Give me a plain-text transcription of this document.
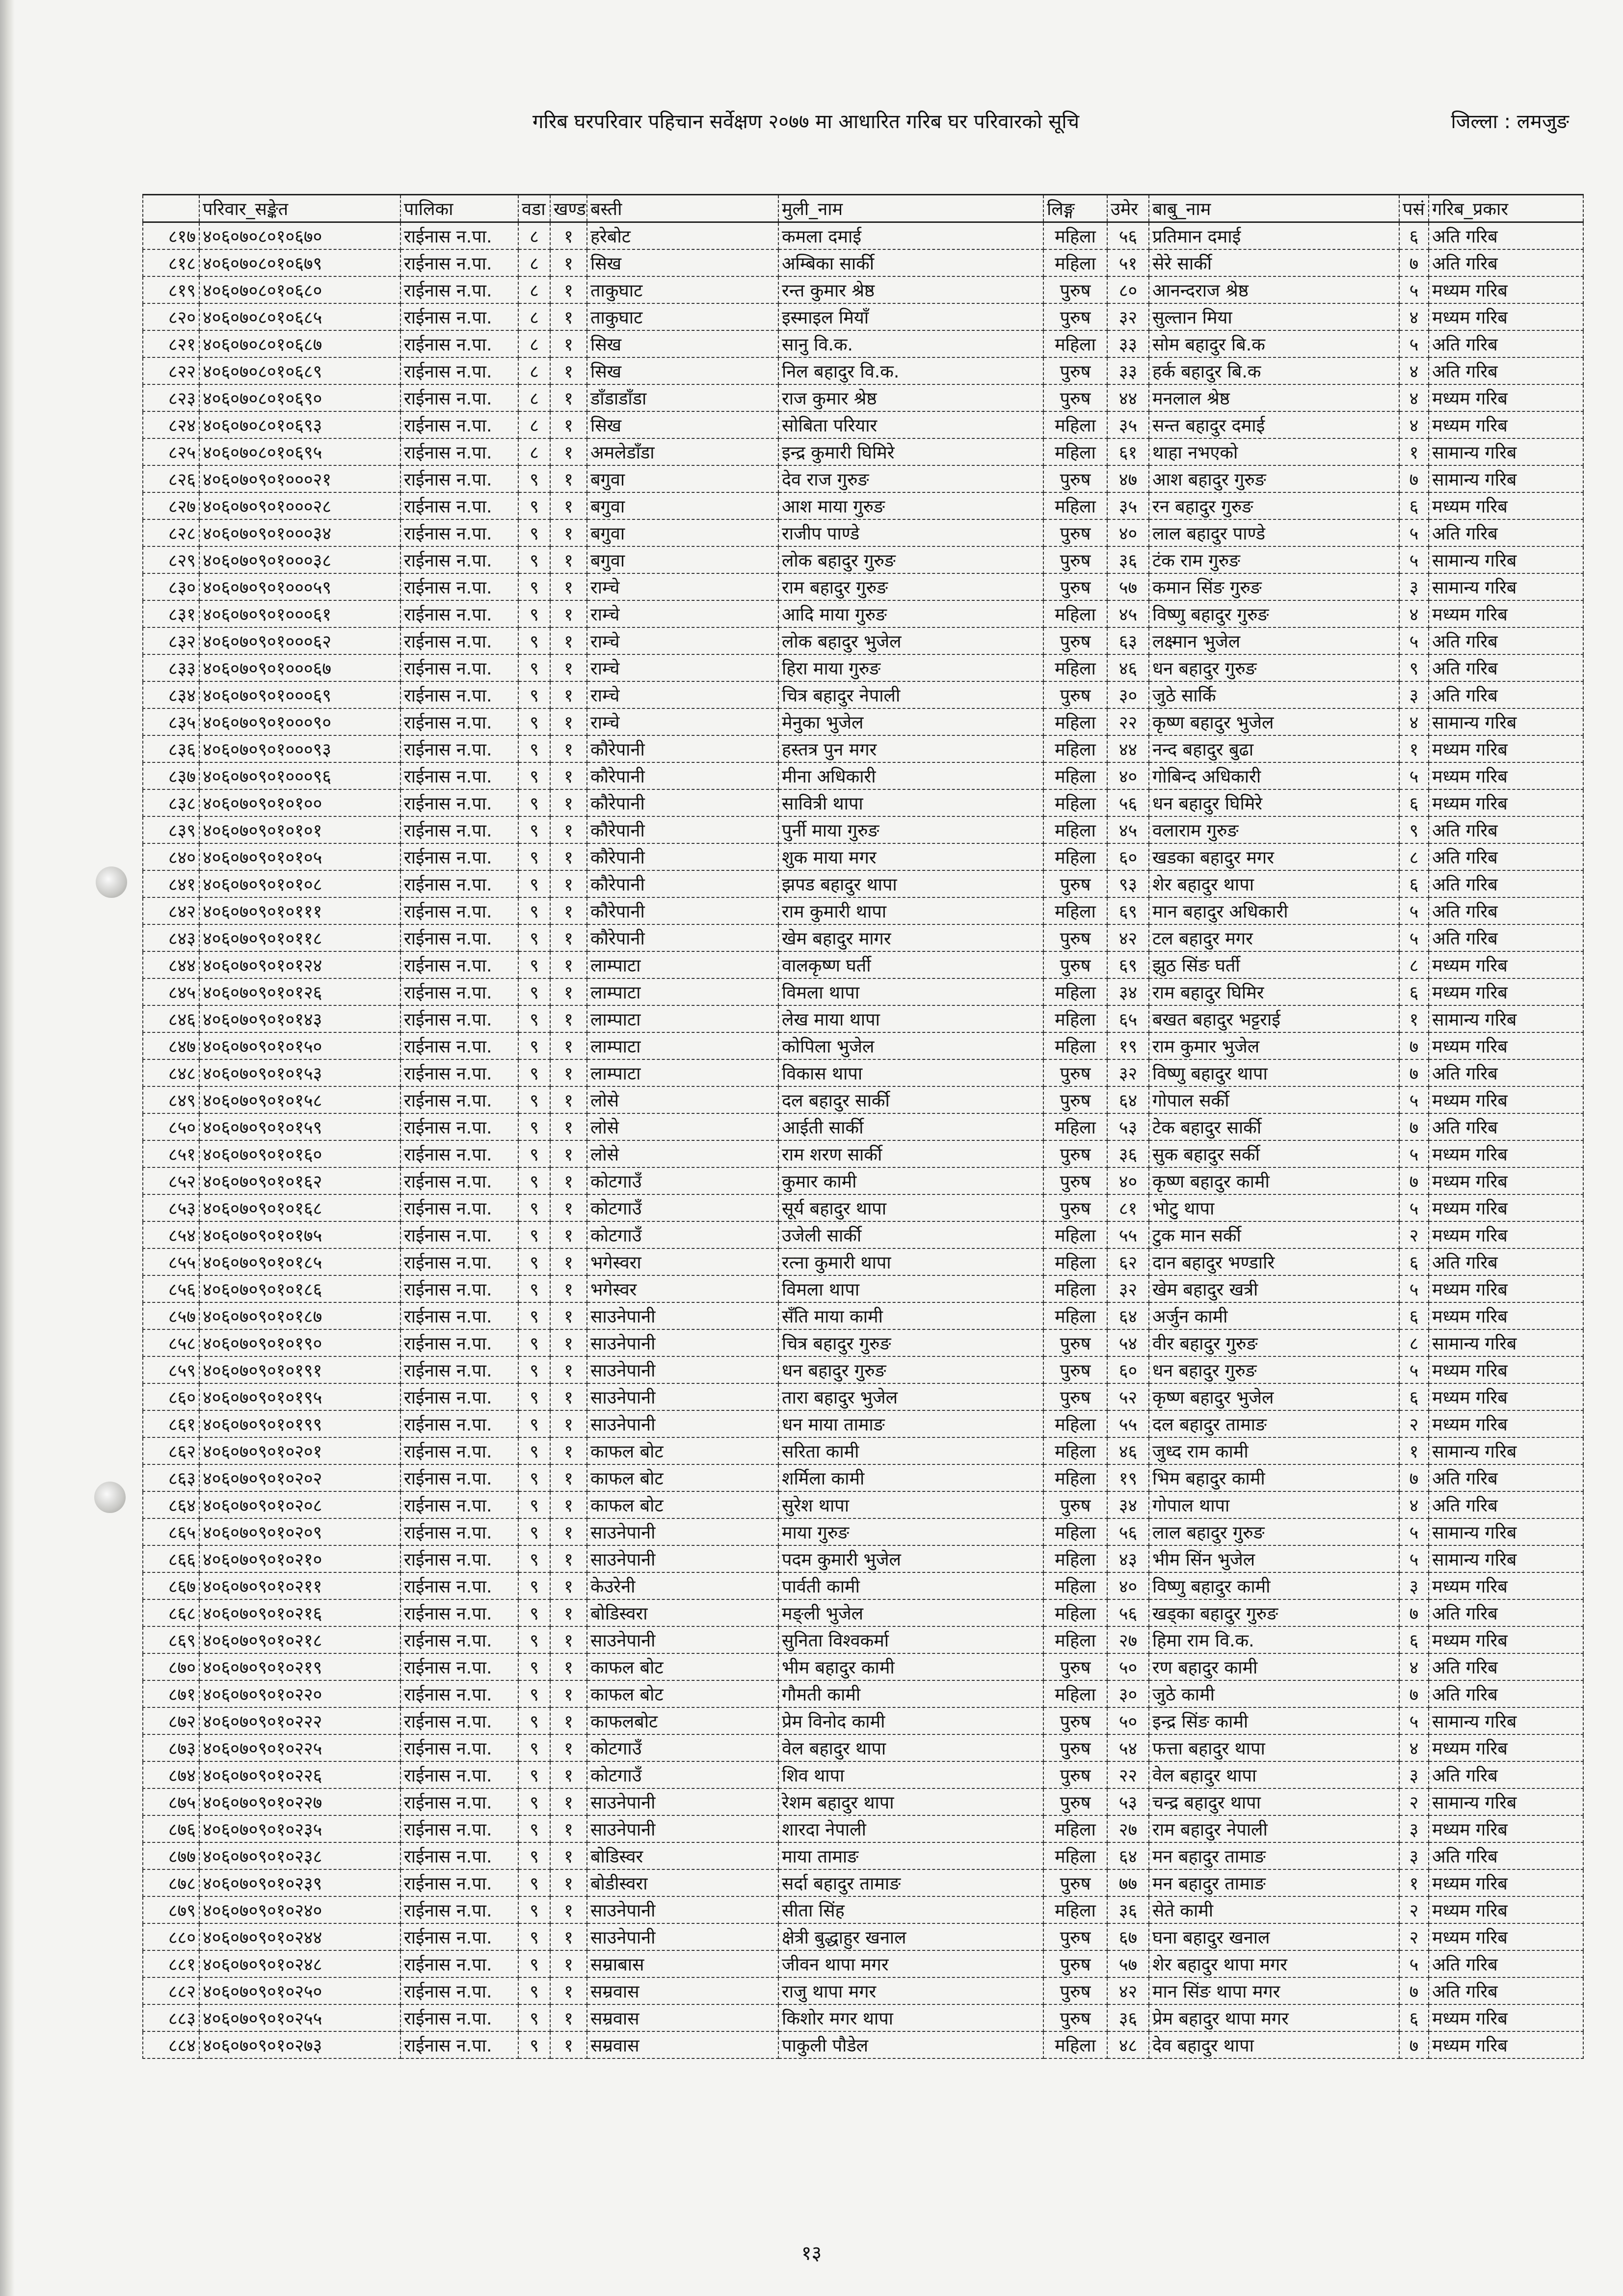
गरिब घरपरिवार पहिचान सर्वेक्षण २०७७ मा आधारित गरिब घर परिवारको सूचि	जिल्ला : लमजुङ
	परिवार_सङ्केत	पालिका	वडा	खण्ड	बस्ती	मुली_नाम	लिङ्ग	उमेर	बाबु_नाम	पसं	गरिब_प्रकार
८१७	४०६०७०८०१०६७०	राईनास न.पा.	८	१	हरेबोट	कमला दमाई	महिला	५६	प्रतिमान दमाई	६	अति गरिब
८१८	४०६०७०८०१०६७९	राईनास न.पा.	८	१	सिख	अम्बिका सार्की	महिला	५१	सेरे सार्की	७	अति गरिब
८१९	४०६०७०८०१०६८०	राईनास न.पा.	८	१	ताकुघाट	रन्त कुमार श्रेष्ठ	पुरुष	८०	आनन्दराज श्रेष्ठ	५	मध्यम गरिब
८२०	४०६०७०८०१०६८५	राईनास न.पा.	८	१	ताकुघाट	इस्माइल मियाँ	पुरुष	३२	सुल्तान मिया	४	मध्यम गरिब
८२१	४०६०७०८०१०६८७	राईनास न.पा.	८	१	सिख	सानु वि.क.	महिला	३३	सोम बहादुर बि.क	५	अति गरिब
८२२	४०६०७०८०१०६८९	राईनास न.पा.	८	१	सिख	निल बहादुर वि.क.	पुरुष	३३	हर्क बहादुर बि.क	४	अति गरिब
८२३	४०६०७०८०१०६९०	राईनास न.पा.	८	१	डाँडाडाँडा	राज कुमार श्रेष्ठ	पुरुष	४४	मनलाल श्रेष्ठ	४	मध्यम गरिब
८२४	४०६०७०८०१०६९३	राईनास न.पा.	८	१	सिख	सोबिता परियार	महिला	३५	सन्त बहादुर दमाई	४	मध्यम गरिब
८२५	४०६०७०८०१०६९५	राईनास न.पा.	८	१	अमलेडाँडा	इन्द्र कुमारी घिमिरे	महिला	६१	थाहा नभएको	१	सामान्य गरिब
८२६	४०६०७०९०१०००२१	राईनास न.पा.	९	१	बगुवा	देव राज गुरुङ	पुरुष	४७	आश बहादुर गुरुङ	७	सामान्य गरिब
८२७	४०६०७०९०१०००२८	राईनास न.पा.	९	१	बगुवा	आश माया गुरुङ	महिला	३५	रन बहादुर गुरुङ	६	मध्यम गरिब
८२८	४०६०७०९०१०००३४	राईनास न.पा.	९	१	बगुवा	राजीप पाण्डे	पुरुष	४०	लाल बहादुर पाण्डे	५	अति गरिब
८२९	४०६०७०९०१०००३८	राईनास न.पा.	९	१	बगुवा	लोक बहादुर गुरुङ	पुरुष	३६	टंक राम गुरुङ	५	सामान्य गरिब
८३०	४०६०७०९०१०००५९	राईनास न.पा.	९	१	राम्चे	राम बहादुर गुरुङ	पुरुष	५७	कमान सिंङ गुरुङ	३	सामान्य गरिब
८३१	४०६०७०९०१०००६१	राईनास न.पा.	९	१	राम्चे	आदि माया गुरुङ	महिला	४५	विष्णु बहादुर गुरुङ	४	मध्यम गरिब
८३२	४०६०७०९०१०००६२	राईनास न.पा.	९	१	राम्चे	लोक बहादुर भुजेल	पुरुष	६३	लक्ष्मान भुजेल	५	अति गरिब
८३३	४०६०७०९०१०००६७	राईनास न.पा.	९	१	राम्चे	हिरा माया गुरुङ	महिला	४६	धन बहादुर गुरुङ	९	अति गरिब
८३४	४०६०७०९०१०००६९	राईनास न.पा.	९	१	राम्चे	चित्र बहादुर नेपाली	पुरुष	३०	जुठे सार्कि	३	अति गरिब
८३५	४०६०७०९०१०००९०	राईनास न.पा.	९	१	राम्चे	मेनुका भुजेल	महिला	२२	कृष्ण बहादुर भुजेल	४	सामान्य गरिब
८३६	४०६०७०९०१०००९३	राईनास न.पा.	९	१	कौरेपानी	हस्तत्र पुन मगर	महिला	४४	नन्द बहादुर बुढा	१	मध्यम गरिब
८३७	४०६०७०९०१०००९६	राईनास न.पा.	९	१	कौरेपानी	मीना अधिकारी	महिला	४०	गोबिन्द अधिकारी	५	मध्यम गरिब
८३८	४०६०७०९०१०१००	राईनास न.पा.	९	१	कौरेपानी	सावित्री थापा	महिला	५६	धन बहादुर घिमिरे	६	मध्यम गरिब
८३९	४०६०७०९०१०१०१	राईनास न.पा.	९	१	कौरेपानी	पुर्नी माया गुरुङ	महिला	४५	वलाराम गुरुङ	९	अति गरिब
८४०	४०६०७०९०१०१०५	राईनास न.पा.	९	१	कौरेपानी	शुक माया मगर	महिला	६०	खडका बहादुर मगर	८	अति गरिब
८४१	४०६०७०९०१०१०८	राईनास न.पा.	९	१	कौरेपानी	झपड बहादुर थापा	पुरुष	९३	शेर बहादुर थापा	६	अति गरिब
८४२	४०६०७०९०१०१११	राईनास न.पा.	९	१	कौरेपानी	राम कुमारी थापा	महिला	६९	मान बहादुर अधिकारी	५	अति गरिब
८४३	४०६०७०९०१०११८	राईनास न.पा.	९	१	कौरेपानी	खेम बहादुर मागर	पुरुष	४२	टल बहादुर मगर	५	अति गरिब
८४४	४०६०७०९०१०१२४	राईनास न.पा.	९	१	लाम्पाटा	वालकृष्ण घर्ती	पुरुष	६९	झुठ सिंङ घर्ती	८	मध्यम गरिब
८४५	४०६०७०९०१०१२६	राईनास न.पा.	९	१	लाम्पाटा	विमला थापा	महिला	३४	राम बहादुर घिमिर	६	मध्यम गरिब
८४६	४०६०७०९०१०१४३	राईनास न.पा.	९	१	लाम्पाटा	लेख माया थापा	महिला	६५	बखत बहादुर भट्टराई	१	सामान्य गरिब
८४७	४०६०७०९०१०१५०	राईनास न.पा.	९	१	लाम्पाटा	कोपिला भुजेल	महिला	१९	राम कुमार भुजेल	७	मध्यम गरिब
८४८	४०६०७०९०१०१५३	राईनास न.पा.	९	१	लाम्पाटा	विकास थापा	पुरुष	३२	विष्णु बहादुर थापा	७	अति गरिब
८४९	४०६०७०९०१०१५८	राईनास न.पा.	९	१	लोसे	दल बहादुर सार्की	पुरुष	६४	गोपाल सर्की	५	मध्यम गरिब
८५०	४०६०७०९०१०१५९	राईनास न.पा.	९	१	लोसे	आईती सार्की	महिला	५३	टेक बहादुर सार्की	७	अति गरिब
८५१	४०६०७०९०१०१६०	राईनास न.पा.	९	१	लोसे	राम शरण सार्की	पुरुष	३६	सुक बहादुर सर्की	५	मध्यम गरिब
८५२	४०६०७०९०१०१६२	राईनास न.पा.	९	१	कोटगाउँ	कुमार कामी	पुरुष	४०	कृष्ण बहादुर कामी	७	मध्यम गरिब
८५३	४०६०७०९०१०१६८	राईनास न.पा.	९	१	कोटगाउँ	सूर्य बहादुर थापा	पुरुष	८१	भोटु थापा	५	मध्यम गरिब
८५४	४०६०७०९०१०१७५	राईनास न.पा.	९	१	कोटगाउँ	उजेली सार्की	महिला	५५	टुक मान सर्की	२	मध्यम गरिब
८५५	४०६०७०९०१०१८५	राईनास न.पा.	९	१	भगेस्वरा	रत्ना कुमारी थापा	महिला	६२	दान बहादुर भण्डारि	६	अति गरिब
८५६	४०६०७०९०१०१८६	राईनास न.पा.	९	१	भगेस्वर	विमला थापा	महिला	३२	खेम बहादुर खत्री	५	मध्यम गरिब
८५७	४०६०७०९०१०१८७	राईनास न.पा.	९	१	साउनेपानी	सँति माया कामी	महिला	६४	अर्जुन कामी	६	मध्यम गरिब
८५८	४०६०७०९०१०१९०	राईनास न.पा.	९	१	साउनेपानी	चित्र बहादुर गुरुङ	पुरुष	५४	वीर बहादुर गुरुङ	८	सामान्य गरिब
८५९	४०६०७०९०१०१९१	राईनास न.पा.	९	१	साउनेपानी	धन बहादुर गुरुङ	पुरुष	६०	धन बहादुर गुरुङ	५	मध्यम गरिब
८६०	४०६०७०९०१०१९५	राईनास न.पा.	९	१	साउनेपानी	तारा बहादुर भुजेल	पुरुष	५२	कृष्ण बहादुर भुजेल	६	मध्यम गरिब
८६१	४०६०७०९०१०१९९	राईनास न.पा.	९	१	साउनेपानी	धन माया तामाङ	महिला	५५	दल बहादुर तामाङ	२	मध्यम गरिब
८६२	४०६०७०९०१०२०१	राईनास न.पा.	९	१	काफल बोट	सरिता कामी	महिला	४६	जुध्द राम कामी	१	सामान्य गरिब
८६३	४०६०७०९०१०२०२	राईनास न.पा.	९	१	काफल बोट	शर्मिला कामी	महिला	१९	भिम बहादुर कामी	७	अति गरिब
८६४	४०६०७०९०१०२०८	राईनास न.पा.	९	१	काफल बोट	सुरेश थापा	पुरुष	३४	गोपाल थापा	४	अति गरिब
८६५	४०६०७०९०१०२०९	राईनास न.पा.	९	१	साउनेपानी	माया गुरुङ	महिला	५६	लाल बहादुर गुरुङ	५	सामान्य गरिब
८६६	४०६०७०९०१०२१०	राईनास न.पा.	९	१	साउनेपानी	पदम कुमारी भुजेल	महिला	४३	भीम सिंन भुजेल	५	सामान्य गरिब
८६७	४०६०७०९०१०२११	राईनास न.पा.	९	१	केउरेनी	पार्वती कामी	महिला	४०	विष्णु बहादुर कामी	३	मध्यम गरिब
८६८	४०६०७०९०१०२१६	राईनास न.पा.	९	१	बोडिस्वरा	मङ्ली भुजेल	महिला	५६	खड्का बहादुर गुरुङ	७	अति गरिब
८६९	४०६०७०९०१०२१८	राईनास न.पा.	९	१	साउनेपानी	सुनिता विश्वकर्मा	महिला	२७	हिमा राम वि.क.	६	मध्यम गरिब
८७०	४०६०७०९०१०२१९	राईनास न.पा.	९	१	काफल बोट	भीम बहादुर कामी	पुरुष	५०	रण बहादुर कामी	४	अति गरिब
८७१	४०६०७०९०१०२२०	राईनास न.पा.	९	१	काफल बोट	गौमती कामी	महिला	३०	जुठे कामी	७	अति गरिब
८७२	४०६०७०९०१०२२२	राईनास न.पा.	९	१	काफलबोट	प्रेम विनोद कामी	पुरुष	५०	इन्द्र सिंङ कामी	५	सामान्य गरिब
८७३	४०६०७०९०१०२२५	राईनास न.पा.	९	१	कोटगाउँ	वेल बहादुर थापा	पुरुष	५४	फत्ता बहादुर थापा	४	मध्यम गरिब
८७४	४०६०७०९०१०२२६	राईनास न.पा.	९	१	कोटगाउँ	शिव थापा	पुरुष	२२	वेल बहादुर थापा	३	अति गरिब
८७५	४०६०७०९०१०२२७	राईनास न.पा.	९	१	साउनेपानी	रेशम बहादुर थापा	पुरुष	५३	चन्द्र बहादुर थापा	२	सामान्य गरिब
८७६	४०६०७०९०१०२३५	राईनास न.पा.	९	१	साउनेपानी	शारदा नेपाली	महिला	२७	राम बहादुर नेपाली	३	मध्यम गरिब
८७७	४०६०७०९०१०२३८	राईनास न.पा.	९	१	बोडिस्वर	माया तामाङ	महिला	६४	मन बहादुर तामाङ	३	अति गरिब
८७८	४०६०७०९०१०२३९	राईनास न.पा.	९	१	बोडीस्वरा	सर्दा बहादुर तामाङ	पुरुष	७७	मन बहादुर तामाङ	१	मध्यम गरिब
८७९	४०६०७०९०१०२४०	राईनास न.पा.	९	१	साउनेपानी	सीता सिंह	महिला	३६	सेते कामी	२	मध्यम गरिब
८८०	४०६०७०९०१०२४४	राईनास न.पा.	९	१	साउनेपानी	क्षेत्री बुद्धाहुर खनाल	पुरुष	६७	घना बहादुर खनाल	२	मध्यम गरिब
८८१	४०६०७०९०१०२४८	राईनास न.पा.	९	१	सम्राबास	जीवन थापा मगर	पुरुष	५७	शेर बहादुर थापा मगर	५	अति गरिब
८८२	४०६०७०९०१०२५०	राईनास न.पा.	९	१	सम्रवास	राजु थापा मगर	पुरुष	४२	मान सिंङ थापा मगर	७	अति गरिब
८८३	४०६०७०९०१०२५५	राईनास न.पा.	९	१	सम्रवास	किशोर मगर थापा	पुरुष	३६	प्रेम बहादुर थापा मगर	६	मध्यम गरिब
८८४	४०६०७०९०१०२७३	राईनास न.पा.	९	१	सम्रवास	पाकुली पौडेल	महिला	४८	देव बहादुर थापा	७	मध्यम गरिब
१३
